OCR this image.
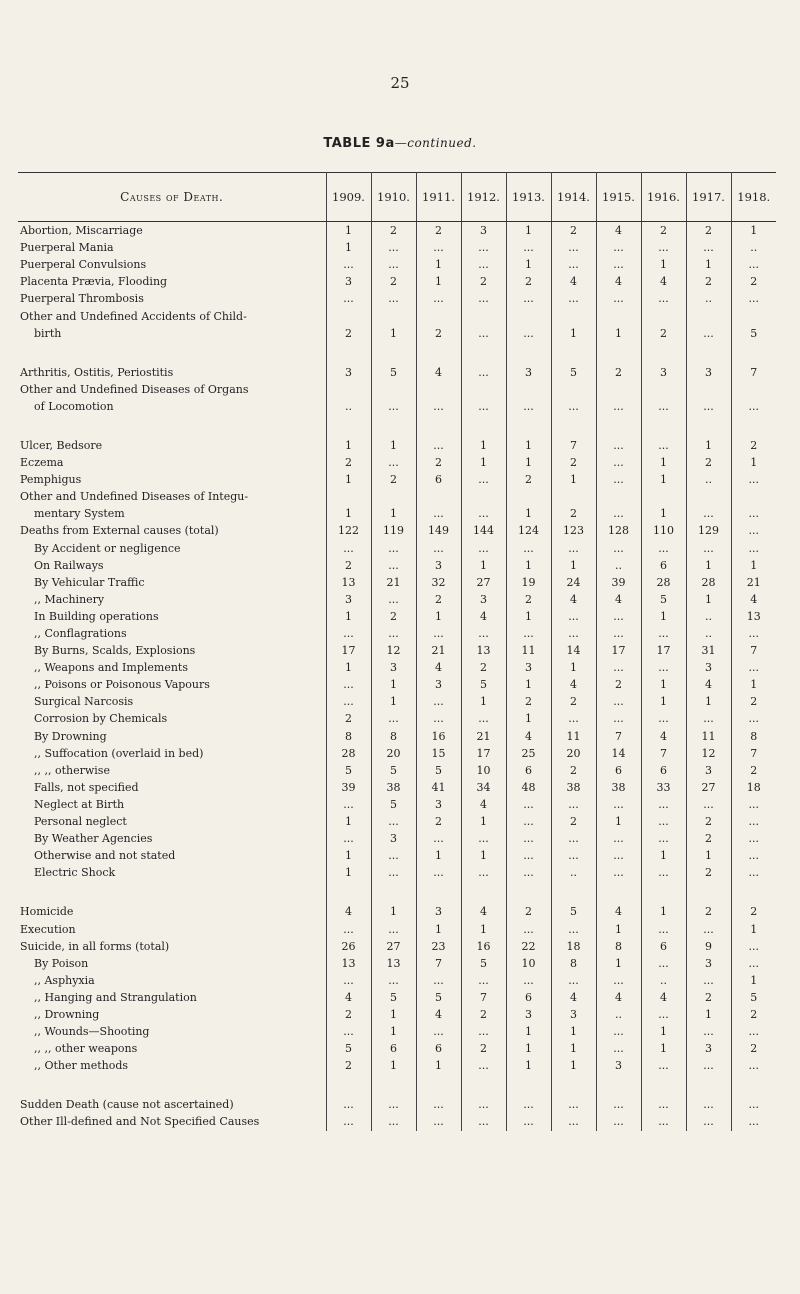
25
TABLE 9a—continued.
Causes of Death.	1909.	1910.	1911.	1912.	1913.	1914.	1915.	1916.	1917.	1918.
Abortion, Miscarriage	1	2	2	3	1	2	4	2	2	1
Puerperal Mania	1	...	...	...	...	...	...	...	...	..
Puerperal Convulsions	...	...	1	...	1	...	...	1	1	...
Placenta Prævia, Flooding	3	2	1	2	2	4	4	4	2	2
Puerperal Thrombosis	...	...	...	...	...	...	...	...	..	...
Other and Undefined Accidents of Child-										
birth	2	1	2	...	...	1	1	2	...	5

Arthritis, Ostitis, Periostitis	3	5	4	...	3	5	2	3	3	7
Other and Undefined Diseases of Organs										
of Locomotion	..	...	...	...	...	...	...	...	...	...

Ulcer, Bedsore	1	1	...	1	1	7	...	...	1	2
Eczema	2	...	2	1	1	2	...	1	2	1
Pemphigus	1	2	6	...	2	1	...	1	..	...
Other and Undefined Diseases of Integu-										
mentary System	1	1	...	...	1	2	...	1	...	...
Deaths from External causes (total)	122	119	149	144	124	123	128	110	129	...
By Accident or negligence	...	...	...	...	...	...	...	...	...	...
On Railways	2	...	3	1	1	1	..	6	1	1
By Vehicular Traffic	13	21	32	27	19	24	39	28	28	21
,, Machinery	3	...	2	3	2	4	4	5	1	4
In Building operations	1	2	1	4	1	...	...	1	..	13
,, Conflagrations	...	...	...	...	...	...	...	...	..	...
By Burns, Scalds, Explosions	17	12	21	13	11	14	17	17	31	7
,, Weapons and Implements	1	3	4	2	3	1	...	...	3	...
,, Poisons or Poisonous Vapours	...	1	3	5	1	4	2	1	4	1
Surgical Narcosis	...	1	...	1	2	2	...	1	1	2
Corrosion by Chemicals	2	...	...	...	1	...	...	...	...	...
By Drowning	8	8	16	21	4	11	7	4	11	8
,, Suffocation (overlaid in bed)	28	20	15	17	25	20	14	7	12	7
,, ,, otherwise	5	5	5	10	6	2	6	6	3	2
Falls, not specified	39	38	41	34	48	38	38	33	27	18
Neglect at Birth	...	5	3	4	...	...	...	...	...	...
Personal neglect	1	...	2	1	...	2	1	...	2	...
By Weather Agencies	...	3	...	...	...	...	...	...	2	...
Otherwise and not stated	1	...	1	1	...	...	...	1	1	...
Electric Shock	1	...	...	...	...	..	...	...	2	...

Homicide	4	1	3	4	2	5	4	1	2	2
Execution	...	...	1	1	...	...	1	...	...	1
Suicide, in all forms (total)	26	27	23	16	22	18	8	6	9	...
By Poison	13	13	7	5	10	8	1	...	3	...
,, Asphyxia	...	...	...	...	...	...	...	..	...	1
,, Hanging and Strangulation	4	5	5	7	6	4	4	4	2	5
,, Drowning	2	1	4	2	3	3	..	...	1	2
,, Wounds—Shooting	...	1	...	...	1	1	...	1	...	...
,, ,, other weapons	5	6	6	2	1	1	...	1	3	2
,, Other methods	2	1	1	...	1	1	3	...	...	...

Sudden Death (cause not ascertained)	...	...	...	...	...	...	...	...	...	...
Other Ill-defined and Not Specified Causes	...	...	...	...	...	...	...	...	...	...
